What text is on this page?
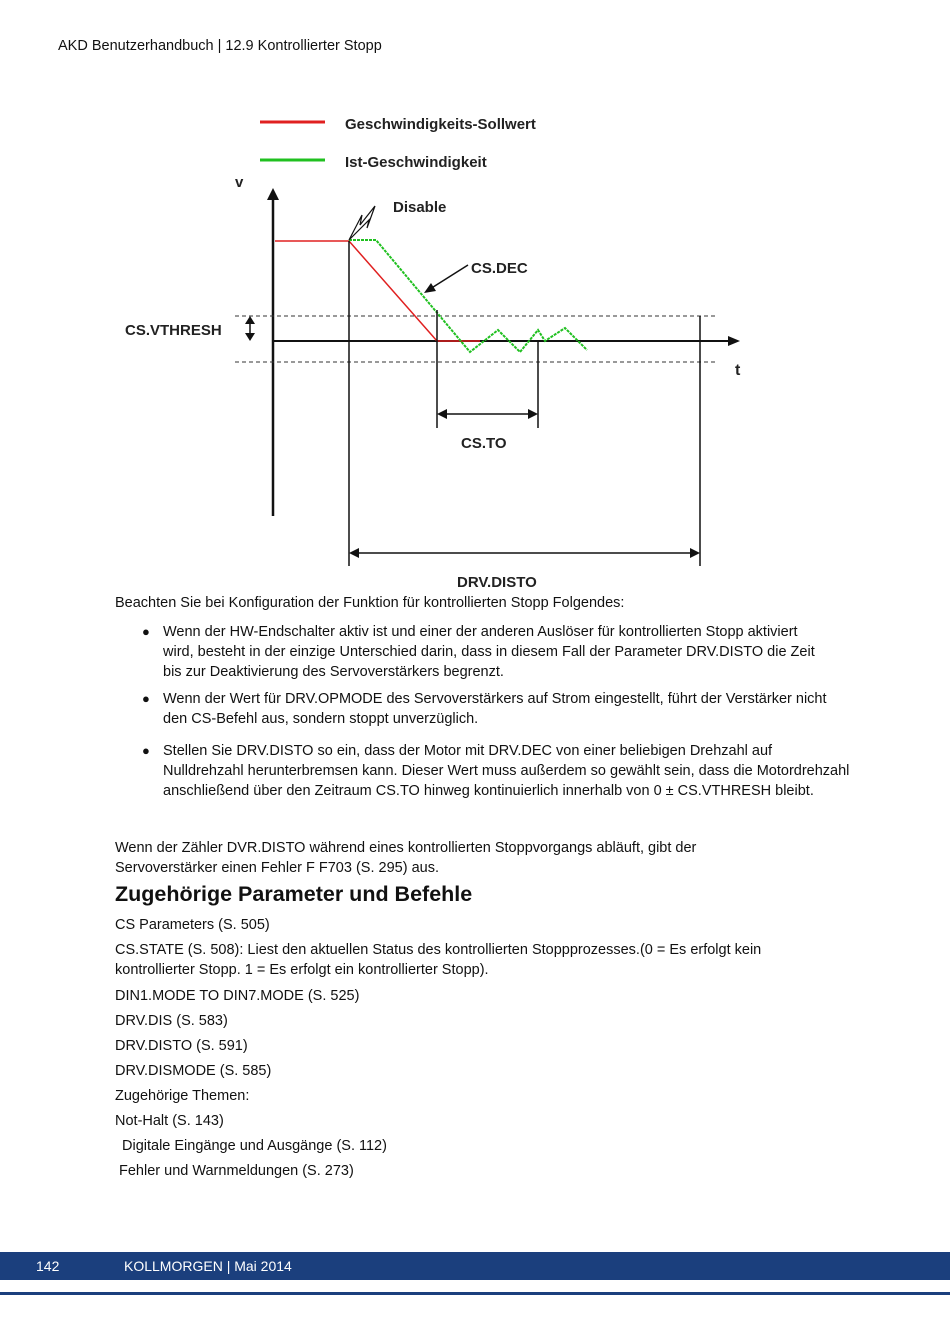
AKD Benutzerhandbuch | 12.9 Kontrollierter Stopp
Geschwindigkeits-Sollwert
Ist-Geschwindigkeit
v
t
CS.VTHRESH
Disable
CS.DEC
CS.TO
DRV.DISTO

Beachten Sie bei Konfiguration der Funktion für kontrollierten Stopp Folgendes:

● Wenn der HW-Endschalter aktiv ist und einer der anderen Auslöser für kontrollierten Stopp aktiviert wird, besteht in der einzige Unterschied darin, dass in diesem Fall der Parameter DRV.DISTO die Zeit bis zur Deaktivierung des Servoverstärkers begrenzt.
● Wenn der Wert für DRV.OPMODE des Servoverstärkers auf Strom eingestellt, führt der Verstärker nicht den CS-Befehl aus, sondern stoppt unverzüglich.
● Stellen Sie DRV.DISTO so ein, dass der Motor mit DRV.DEC von einer beliebigen Drehzahl auf Nulldrehzahl herunterbremsen kann. Dieser Wert muss außerdem so gewählt sein, dass die Motordrehzahl anschließend über den Zeitraum CS.TO hinweg kontinuierlich innerhalb von 0 ± CS.VTHRESH bleibt.

Wenn der Zähler DVR.DISTO während eines kontrollierten Stoppvorgangs abläuft, gibt der Servoverstärker einen Fehler F F703 (S. 295) aus.

Zugehörige Parameter und Befehle
CS Parameters (S. 505)
CS.STATE (S. 508): Liest den aktuellen Status des kontrollierten Stoppprozesses.(0 = Es erfolgt kein kontrollierter Stopp. 1 = Es erfolgt ein kontrollierter Stopp).
DIN1.MODE TO DIN7.MODE (S. 525)
DRV.DIS (S. 583)
DRV.DISTO (S. 591)
DRV.DISMODE (S. 585)
Zugehörige Themen:
Not-Halt (S. 143)
Digitale Eingänge und Ausgänge (S. 112)
Fehler und Warnmeldungen (S. 273)
142	KOLLMORGEN | Mai 2014
